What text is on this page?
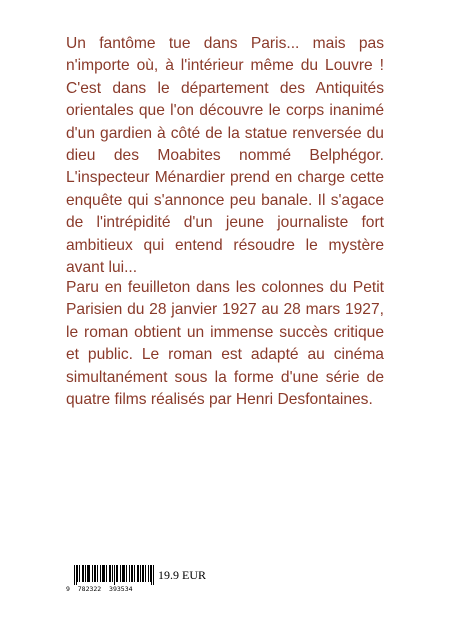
Un fantôme tue dans Paris... mais pas n'importe où, à l'intérieur même du Louvre ! C'est dans le département des Antiquités orientales que l'on découvre le corps inanimé d'un gardien à côté de la statue renversée du dieu des Moabites nommé Belphégor. L'inspecteur Ménardier prend en charge cette enquête qui s'annonce peu banale. Il s'agace de l'intrépidité d'un jeune journaliste fort ambitieux qui entend résoudre le mystère avant lui...

Paru en feuilleton dans les colonnes du Petit Parisien du 28 janvier 1927 au 28 mars 1927, le roman obtient un immense succès critique et public. Le roman est adapté au cinéma simultanément sous la forme d'une série de quatre films réalisés par Henri Desfontaines.

9  782322  393534
19.9 EUR
